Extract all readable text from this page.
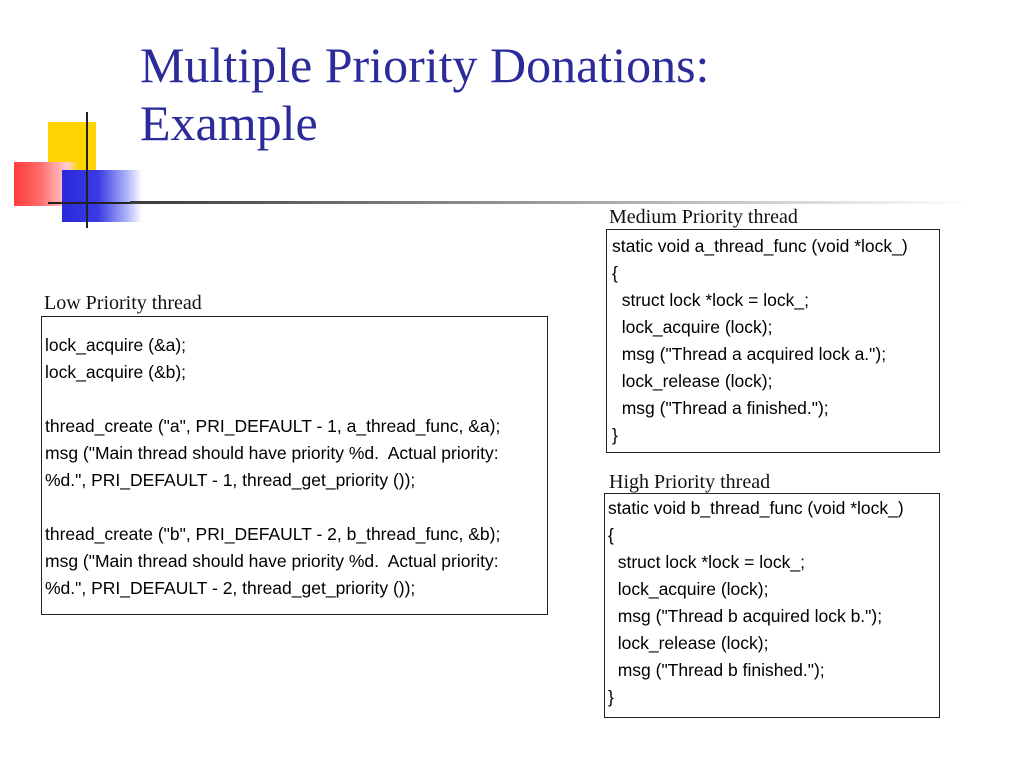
Multiple Priority Donations:
Example
Medium Priority thread
static void a_thread_func (void *lock_)
{
struct lock *lock = lock_;
lock_acquire (lock);
msg ("Thread a acquired lock a.");
lock_release (lock);
msg ("Thread a finished.");
}
Low Priority thread
lock_acquire (&a);
lock_acquire (&b);
thread_create ("a", PRI_DEFAULT - 1, a_thread_func, &a);
msg ("Main thread should have priority %d.  Actual priority:
%d.", PRI_DEFAULT - 1, thread_get_priority ());
thread_create ("b", PRI_DEFAULT - 2, b_thread_func, &b);
msg ("Main thread should have priority %d.  Actual priority:
%d.", PRI_DEFAULT - 2, thread_get_priority ());
High Priority thread
static void b_thread_func (void *lock_)
{
struct lock *lock = lock_;
lock_acquire (lock);
msg ("Thread b acquired lock b.");
lock_release (lock);
msg ("Thread b finished.");
}
